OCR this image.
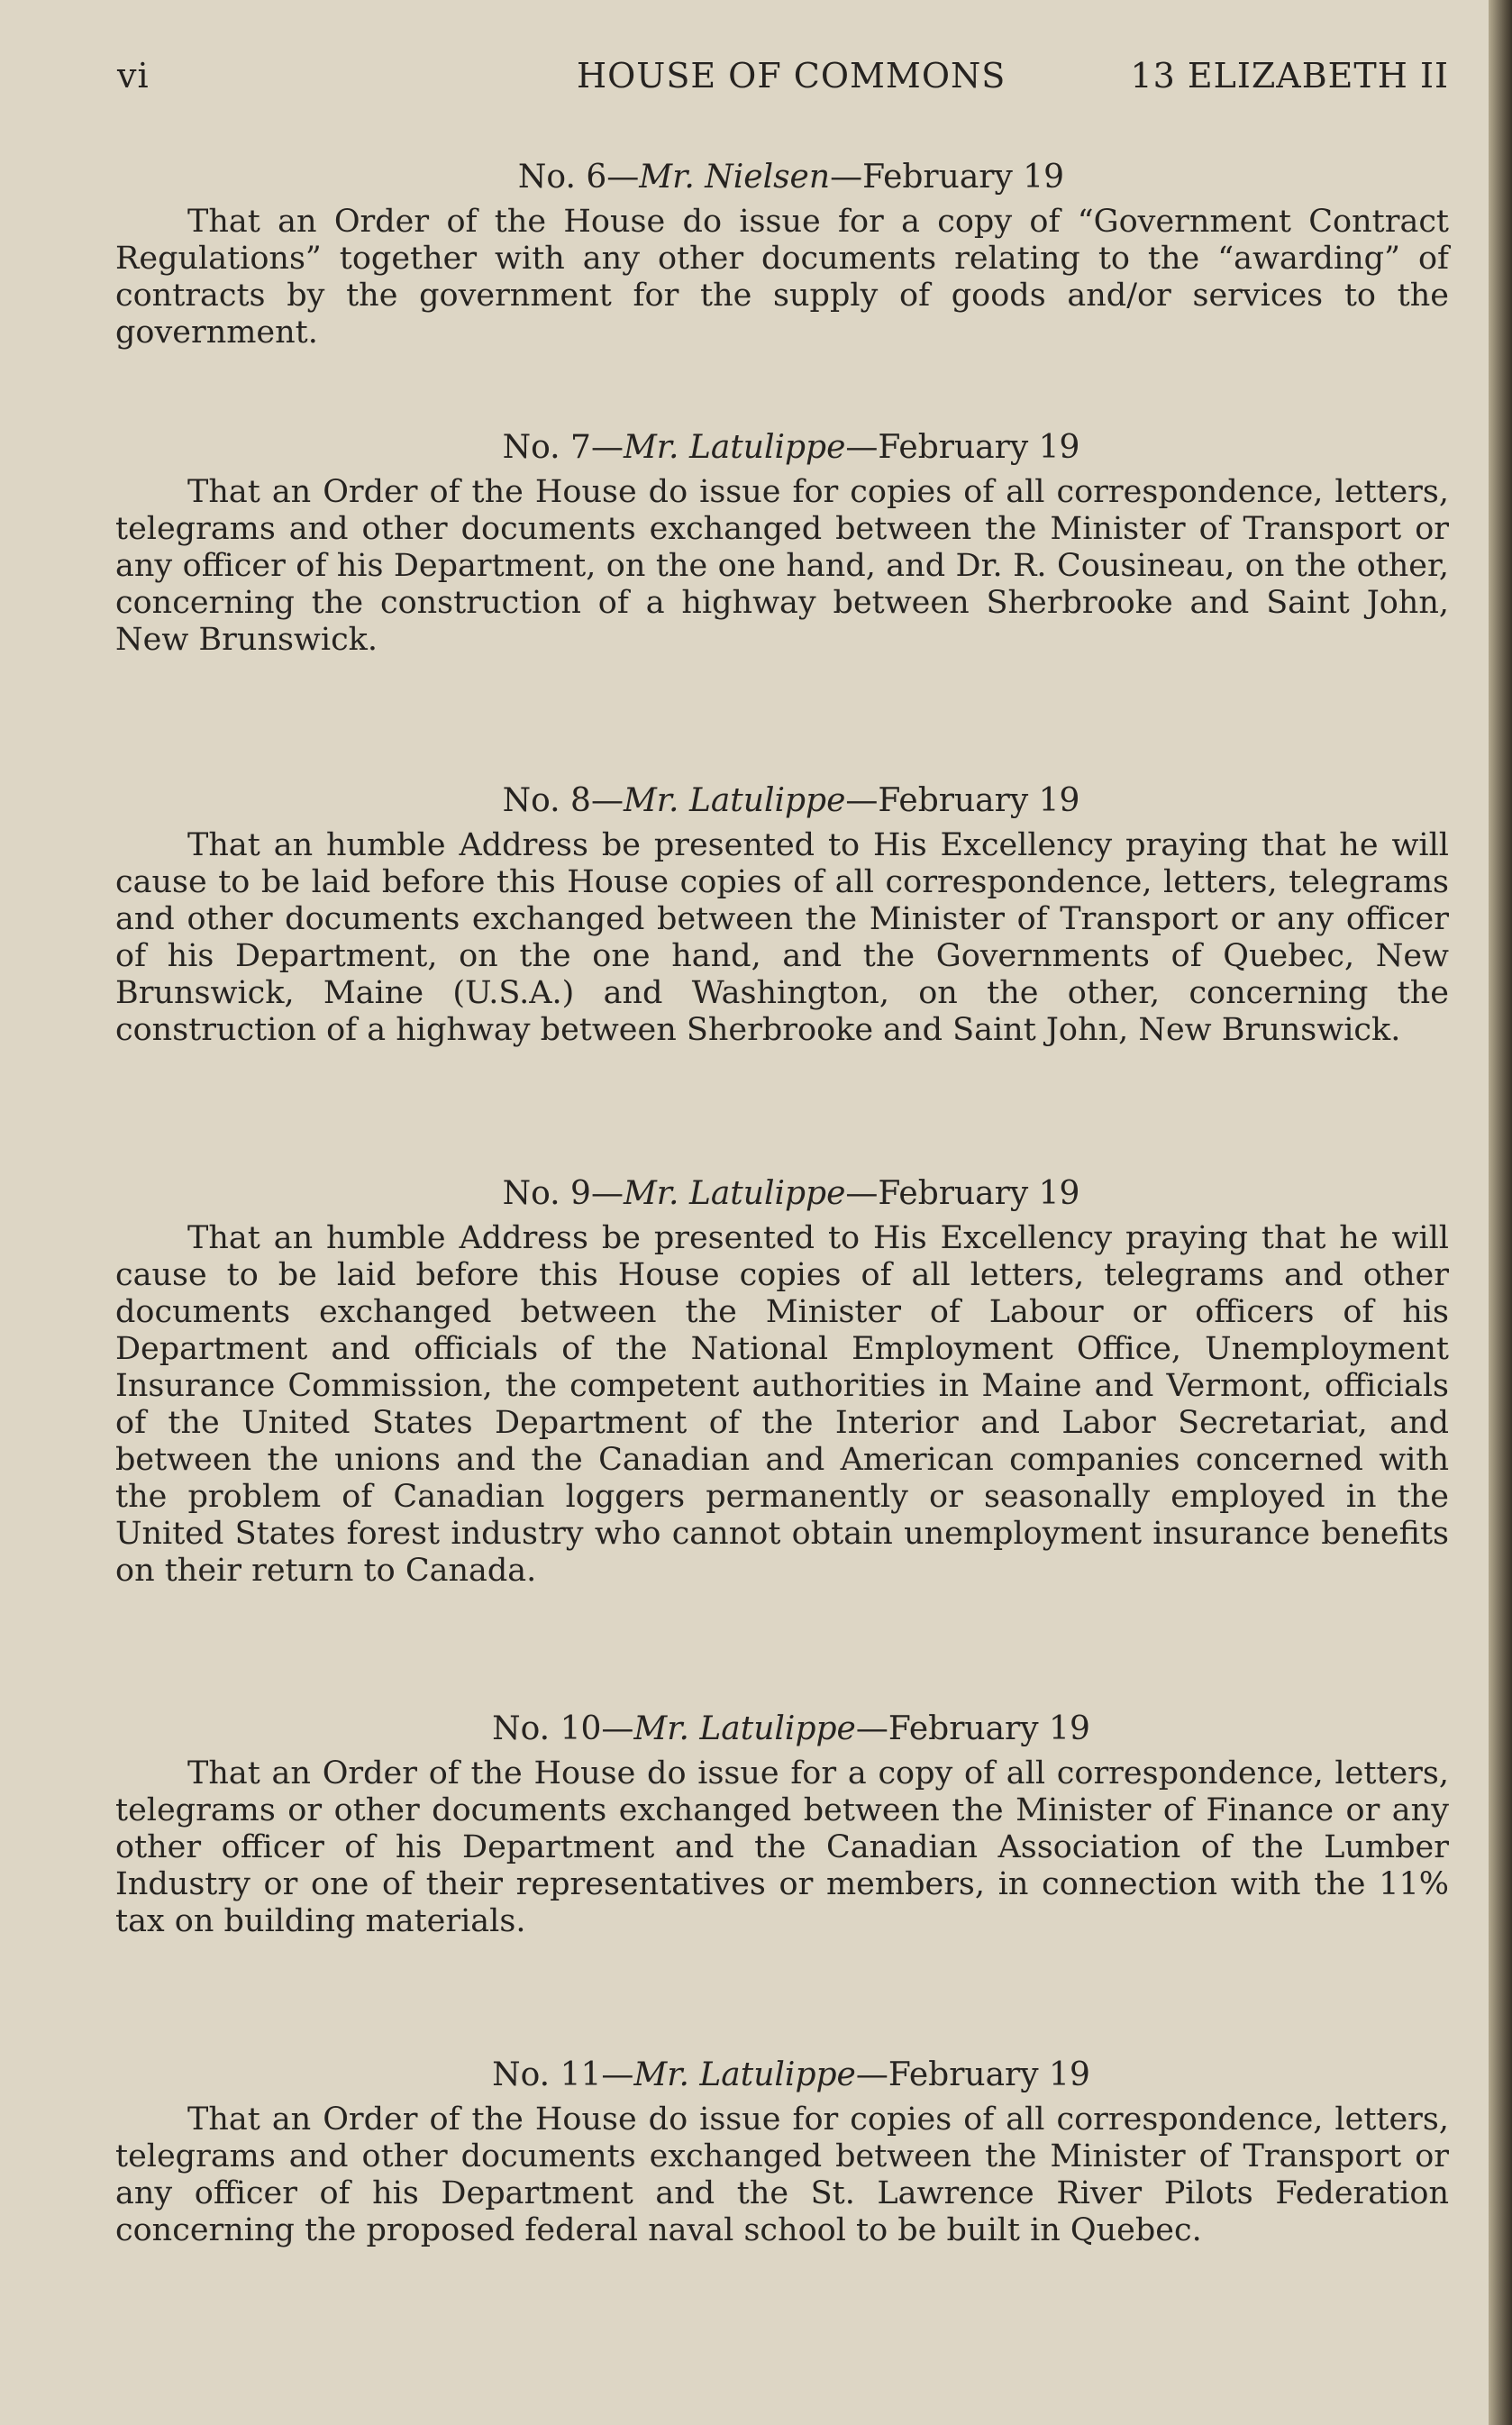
vi	HOUSE OF COMMONS	13 ELIZABETH II

No. 6—Mr. Nielsen—February 19

That an Order of the House do issue for a copy of “Government Contract Regulations” together with any other documents relating to the “awarding” of contracts by the government for the supply of goods and/or services to the government.

No. 7—Mr. Latulippe—February 19

That an Order of the House do issue for copies of all correspondence, letters, telegrams and other documents exchanged between the Minister of Transport or any officer of his Department, on the one hand, and Dr. R. Cousineau, on the other, concerning the construction of a highway between Sherbrooke and Saint John, New Brunswick.

No. 8—Mr. Latulippe—February 19

That an humble Address be presented to His Excellency praying that he will cause to be laid before this House copies of all correspondence, letters, telegrams and other documents exchanged between the Minister of Transport or any officer of his Department, on the one hand, and the Governments of Quebec, New Brunswick, Maine (U.S.A.) and Washington, on the other, concerning the construction of a highway between Sherbrooke and Saint John, New Brunswick.

No. 9—Mr. Latulippe—February 19

That an humble Address be presented to His Excellency praying that he will cause to be laid before this House copies of all letters, telegrams and other documents exchanged between the Minister of Labour or officers of his Department and officials of the National Employment Office, Unemployment Insurance Commission, the competent authorities in Maine and Vermont, officials of the United States Department of the Interior and Labor Secretariat, and between the unions and the Canadian and American companies concerned with the problem of Canadian loggers permanently or seasonally employed in the United States forest industry who cannot obtain unemployment insurance benefits on their return to Canada.

No. 10—Mr. Latulippe—February 19

That an Order of the House do issue for a copy of all correspondence, letters, telegrams or other documents exchanged between the Minister of Finance or any other officer of his Department and the Canadian Association of the Lumber Industry or one of their representatives or members, in connection with the 11% tax on building materials.

No. 11—Mr. Latulippe—February 19

That an Order of the House do issue for copies of all correspondence, letters, telegrams and other documents exchanged between the Minister of Transport or any officer of his Department and the St. Lawrence River Pilots Federation concerning the proposed federal naval school to be built in Quebec.
